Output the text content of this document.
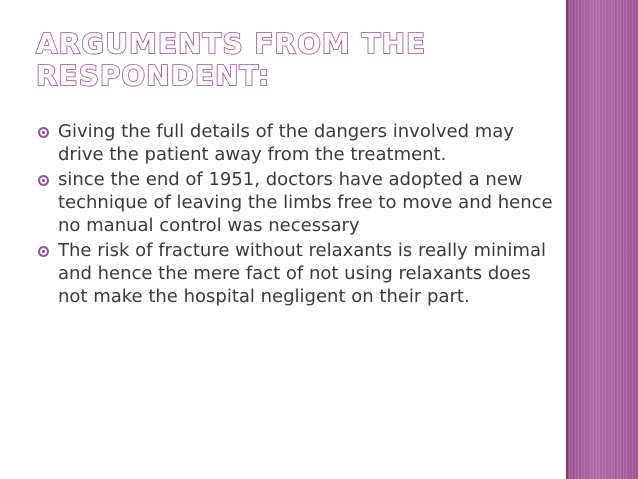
ARGUMENTS FROM THE
RESPONDENT:
Giving the full details of the dangers involved may drive the patient away from the treatment.
since the end of 1951, doctors have adopted a new technique of leaving the limbs free to move and hence no manual control was necessary
The risk of fracture without relaxants is really minimal and hence the mere fact of not using relaxants does not make the hospital negligent on their part.
